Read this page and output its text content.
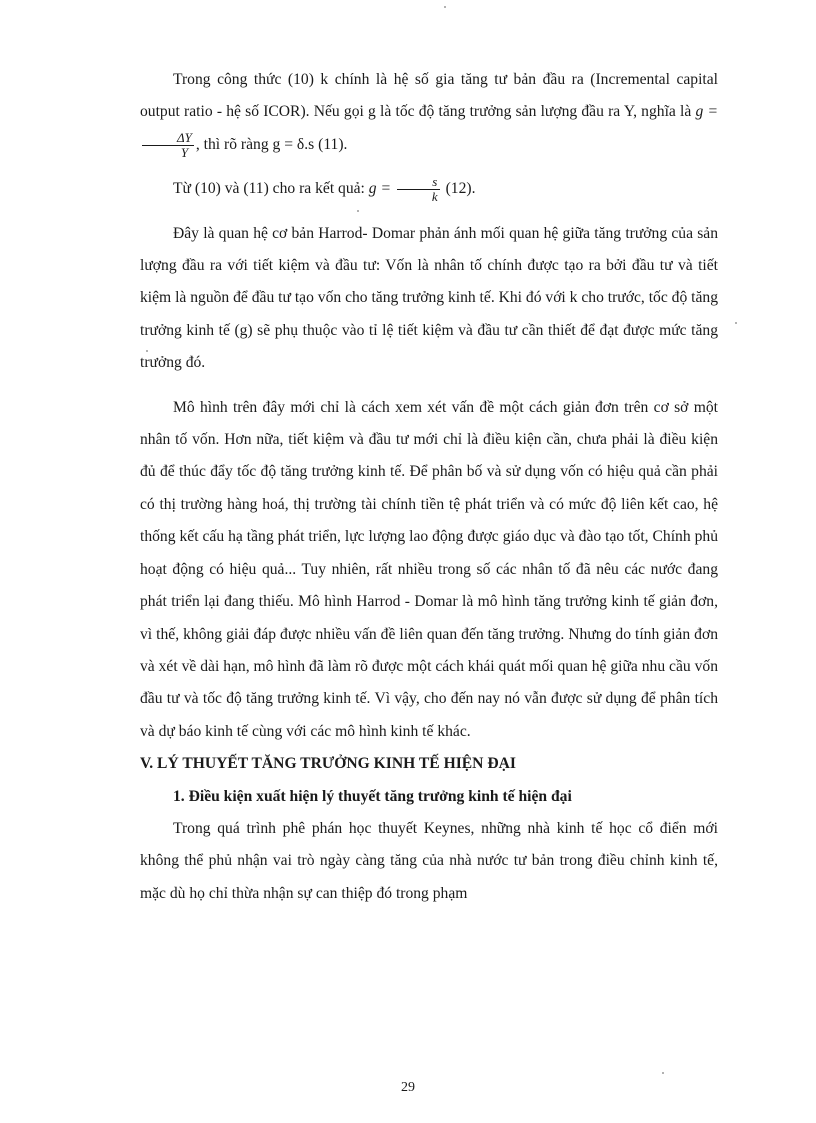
Trong công thức (10) k chính là hệ số gia tăng tư bản đầu ra (Incremental capital output ratio - hệ số ICOR). Nếu gọi g là tốc độ tăng trưởng sản lượng đầu ra Y, nghĩa là g =
$\frac{\Delta Y}{Y}$ , thì rõ ràng g = δ.s (11).

Từ (10) và (11) cho ra kết quả: $g = \frac{s}{k} (12)$.

Đây là quan hệ cơ bản Harrod- Domar phản ánh mối quan hệ giữa tăng trưởng của sản lượng đầu ra với tiết kiệm và đầu tư: Vốn là nhân tố chính được tạo ra bởi đầu tư và tiết kiệm là nguồn để đầu tư tạo vốn cho tăng trưởng kinh tế. Khi đó với k cho trước, tốc độ tăng trưởng kinh tế (g) sẽ phụ thuộc vào tỉ lệ tiết kiệm và đầu tư cần thiết để đạt được mức tăng trưởng đó.

Mô hình trên đây mới chỉ là cách xem xét vấn đề một cách giản đơn trên cơ sở một nhân tố vốn. Hơn nữa, tiết kiệm và đầu tư mới chỉ là điều kiện cần, chưa phải là điều kiện đủ để thúc đẩy tốc độ tăng trưởng kinh tế. Để phân bố và sử dụng vốn có hiệu quả cần phải có thị trường hàng hoá, thị trường tài chính tiền tệ phát triển và có mức độ liên kết cao, hệ thống kết cấu hạ tầng phát triển, lực lượng lao động được giáo dục và đào tạo tốt, Chính phủ hoạt động có hiệu quả... Tuy nhiên, rất nhiều trong số các nhân tố đã nêu các nước đang phát triển lại đang thiếu. Mô hình Harrod - Domar là mô hình tăng trưởng kinh tế giản đơn, vì thế, không giải đáp được nhiều vấn đề liên quan đến tăng trưởng. Nhưng do tính giản đơn và xét về dài hạn, mô hình đã làm rõ được một cách khái quát mối quan hệ giữa nhu cầu vốn đầu tư và tốc độ tăng trưởng kinh tế. Vì vậy, cho đến nay nó vẫn được sử dụng để phân tích và dự báo kinh tế cùng với các mô hình kinh tế khác.

V. LÝ THUYẾT TĂNG TRƯỞNG KINH TẾ HIỆN ĐẠI

1. Điều kiện xuất hiện lý thuyết tăng trưởng kinh tế hiện đại

Trong quá trình phê phán học thuyết Keynes, những nhà kinh tế học cổ điển mới không thể phủ nhận vai trò ngày càng tăng của nhà nước tư bản trong điều chỉnh kinh tế, mặc dù họ chỉ thừa nhận sự can thiệp đó trong phạm

29
